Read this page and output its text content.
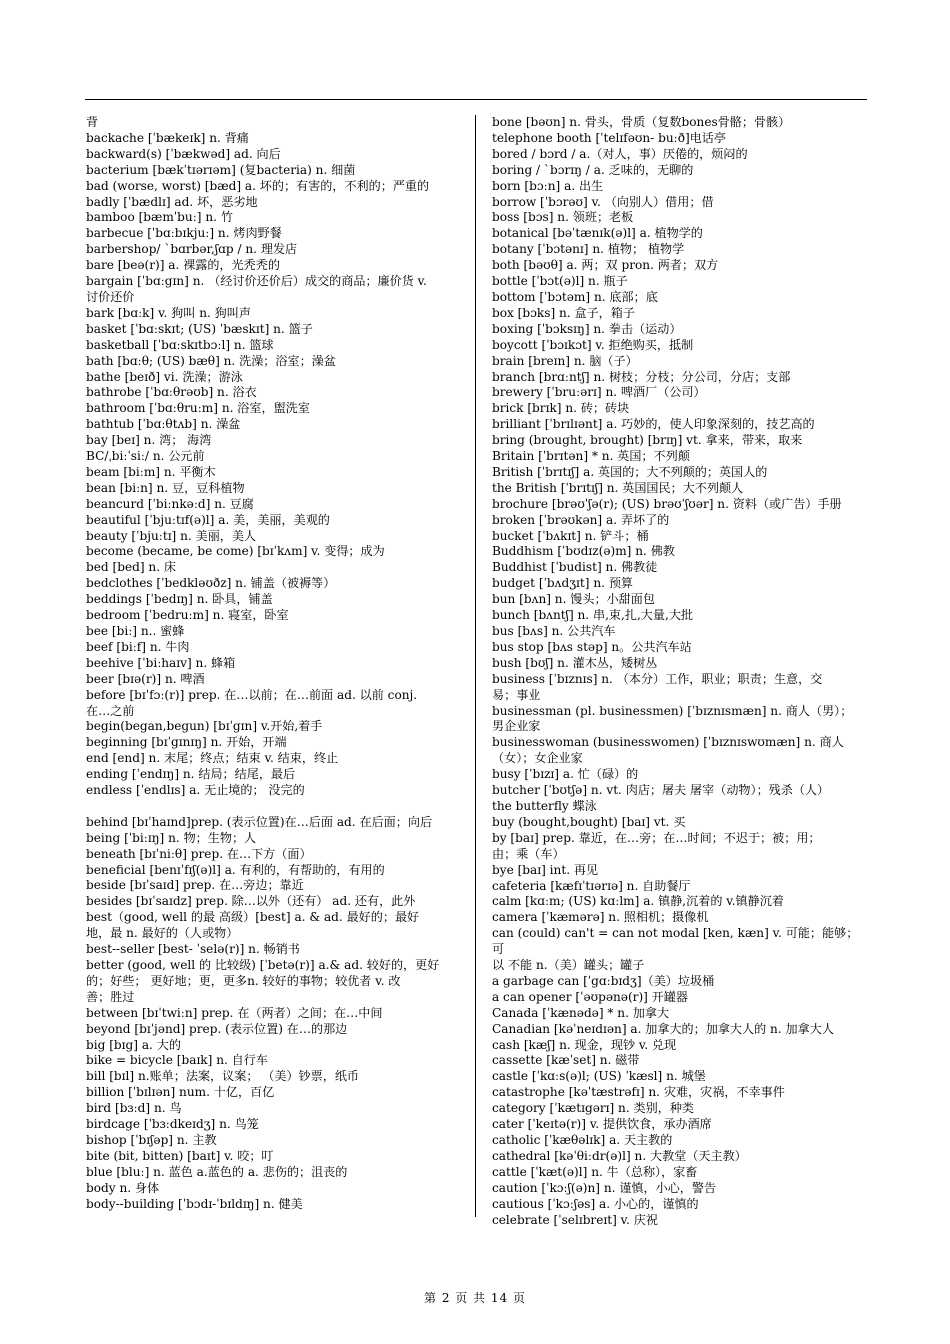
背
backache [ˈbækeɪk] n. 背痛
backward(s) [ˈbækwəd] ad. 向后
bacterium [bækˈtɪərɪəm] (复bacteria) n. 细菌
bad (worse, worst) [bæd] a. 坏的；有害的，不利的；严重的
badly [ˈbædlɪ] ad. 坏，恶劣地
bamboo [bæmˈbuː] n. 竹
barbecue [ˈbɑːbɪkjuː] n. 烤肉野餐
barbershop/ `bɑrbər,ʃɑp / n. 理发店
bare [beə(r)] a. 裸露的，光秃秃的
bargain [ˈbɑːgɪn] n. （经讨价还价后）成交的商品；廉价货 v.
讨价还价
bark [bɑːk] v. 狗叫 n. 狗叫声
basket [ˈbɑːskɪt; (US) ˈbæskɪt] n. 篮子
basketball [ˈbɑːskɪtbɔːl] n. 篮球
bath [bɑːθ; (US) bæθ] n. 洗澡；浴室；澡盆
bathe [beɪð] vi. 洗澡；游泳
bathrobe [ˈbɑːθrəʊb] n. 浴衣
bathroom [ˈbɑːθruːm] n. 浴室，盥洗室
bathtub [ˈbɑːθtʌb] n. 澡盆
bay [beɪ] n. 湾； 海湾
BC/ˌbiːˈsiː/ n. 公元前
beam [biːm] n. 平衡木
bean [biːn] n. 豆，豆科植物
beancurd [ˈbiːnkəːd] n. 豆腐
beautiful [ˈbjuːtɪf(ə)l] a. 美，美丽，美观的
beauty [ˈbjuːtɪ] n. 美丽，美人
become (became, be come) [bɪˈkʌm] v. 变得；成为
bed [bed] n. 床
bedclothes [ˈbedkləʊðz] n. 铺盖（被褥等）
beddings [ˈbedɪŋ] n. 卧具，铺盖
bedroom [ˈbedruːm] n. 寝室，卧室
bee [biː] n.. 蜜蜂
beef [biːf] n. 牛肉
beehive [ˈbiːhaɪv] n. 蜂箱
beer [bɪə(r)] n. 啤酒
before [bɪˈfɔː(r)] prep. 在…以前；在…前面 ad. 以前 conj.
在…之前
begin(began,begun) [bɪˈgɪn] v.开始,着手
beginning [bɪˈgɪnɪŋ] n. 开始，开端
end [end] n. 末尾；终点；结束 v. 结束，终止
ending [ˈendɪŋ] n. 结局；结尾，最后
endless [ˈendlɪs] a. 无止境的； 没完的
behind [bɪˈhaɪnd]prep. (表示位置)在…后面 ad. 在后面；向后
being [ˈbiːɪŋ] n. 物；生物；人
beneath [bɪˈniːθ] prep. 在…下方（面）
beneficial [benɪˈfɪʃ(ə)l] a. 有利的，有帮助的，有用的
beside [bɪˈsaɪd] prep. 在…旁边；靠近
besides [bɪˈsaɪdz] prep. 除…以外（还有） ad. 还有，此外
best（good, well 的最 高级）[best] a. & ad. 最好的；最好
地，最 n. 最好的（人或物）
best--seller [best- ˈselə(r)] n. 畅销书
better (good, well 的 比较级) [ˈbetə(r)] a.& ad. 较好的，更好
的；好些； 更好地；更，更多n. 较好的事物；较优者 v. 改
善；胜过
between [bɪˈtwiːn] prep. 在（两者）之间；在…中间
beyond [bɪˈjənd] prep. (表示位置) 在…的那边
big [bɪg] a. 大的
bike = bicycle [baɪk] n. 自行车
bill [bɪl] n.账单；法案，议案； （美）钞票，纸币
billion [ˈbɪlɪən] num. 十亿，百亿
bird [bɜːd] n. 鸟
birdcage [ˈbɜːdkeɪdʒ] n. 鸟笼
bishop [ˈbɪʃəp] n. 主教
bite (bit, bitten) [baɪt] v. 咬；叮
blue [bluː] n. 蓝色 a.蓝色的 a. 悲伤的；沮丧的
body n. 身体
body--building [ˈbɔdɪ-ˈbɪldɪŋ] n. 健美
bone [bəʊn] n. 骨头，骨质（复数bones骨骼；骨骸）
telephone booth [ˈtelɪfəʊn- buːð]电话亭
bored / bɔrd / a.（对人，事）厌倦的，烦闷的
boring / `bɔrɪŋ / a. 乏味的，无聊的
born [bɔːn] a. 出生
borrow [ˈbɔrəʊ] v. （向别人）借用；借
boss [bɔs] n. 领班；老板
botanical [bəˈtænɪk(ə)l] a. 植物学的
botany [ˈbɔtənɪ] n. 植物； 植物学
both [bəʊθ] a. 两；双 pron. 两者；双方
bottle [ˈbɔt(ə)l] n. 瓶子
bottom [ˈbɔtəm] n. 底部；底
box [bɔks] n. 盒子，箱子
boxing [ˈbɔksɪŋ] n. 拳击（运动）
boycott [ˈbɔɪkɔt] v. 拒绝购买，抵制
brain [breɪn] n. 脑（子）
branch [brɑːntʃ] n. 树枝；分枝；分公司，分店；支部
brewery [ˈbruːərɪ] n. 啤酒厂（公司）
brick [brɪk] n. 砖；砖块
brilliant [ˈbrɪlɪənt] a. 巧妙的，使人印象深刻的，技艺高的
bring (brought, brought) [brɪŋ] vt. 拿来，带来，取来
Britain [ˈbrɪtən] * n. 英国；不列颠
British [ˈbrɪtɪʃ] a. 英国的；大不列颠的；英国人的
the British [ˈbrɪtɪʃ] n. 英国国民；大不列颠人
brochure [brəʊˈʃə(r); (US) brəʊˈʃʊər] n. 资料（或广告）手册
broken [ˈbrəʊkən] a. 弄坏了的
bucket [ˈbʌkɪt] n. 铲斗；桶
Buddhism [ˈbʊdɪz(ə)m] n. 佛教
Buddhist [ˈbudist] n. 佛教徒
budget [ˈbʌdʒɪt] n. 预算
bun [bʌn] n. 馒头；小甜面包
bunch [bʌntʃ] n. 串,束,扎,大量,大批
bus [bʌs] n. 公共汽车
bus stop [bʌs stəp] n。公共汽车站
bush [bʊʃ] n. 灌木丛，矮树丛
business [ˈbɪznɪs] n. （本分）工作，职业；职责；生意，交
易；事业
businessman (pl. businessmen) [ˈbɪznɪsmæn] n. 商人（男）；
男企业家
businesswoman (businesswomen) [ˈbɪznɪswʊmæn] n. 商人
（女）；女企业家
busy [ˈbɪzɪ] a. 忙（碌）的
butcher [ˈbʊtʃə] n. vt. 肉店；屠夫 屠宰（动物）；残杀（人）
the butterfly 蝶泳
buy (bought,bought) [baɪ] vt. 买
by [baɪ] prep. 靠近，在…旁；在…时间；不迟于；被；用；
由；乘（车）
bye [baɪ] int. 再见
cafeteria [kæfɪˈtɪərɪə] n. 自助餐厅
calm [kɑːm; (US) kɑːlm] a. 镇静,沉着的 v.镇静沉着
camera [ˈkæmərə] n. 照相机；摄像机
can (could) can't = can not modal [ken, kæn] v. 可能；能够；可
以 不能 n.（美）罐头；罐子
a garbage can [ˈgɑːbɪdʒ]（美）垃圾桶
a can opener [ˈəʊpənə(r)] 开罐器
Canada [ˈkænədə] * n. 加拿大
Canadian [kəˈneɪdɪən] a. 加拿大的；加拿大人的 n. 加拿大人
cash [kæʃ] n. 现金，现钞 v. 兑现
cassette [kæˈset] n. 磁带
castle [ˈkɑːs(ə)l; (US) ˈkæsl] n. 城堡
catastrophe [kəˈtæstrəfɪ] n. 灾难，灾祸，不幸事件
category [ˈkætɪgərɪ] n. 类别，种类
cater [ˈkeɪtə(r)] v. 提供饮食，承办酒席
catholic [ˈkæθəlɪk] a. 天主教的
cathedral [kəˈθiːdr(ə)l] n. 大教堂（天主教）
cattle [ˈkæt(ə)l] n. 牛（总称），家畜
caution [ˈkɔːʃ(ə)n] n. 谨慎，小心，警告
cautious [ˈkɔːʃəs] a. 小心的，谨慎的
celebrate [ˈselɪbreɪt] v. 庆祝
第 2 页 共 14 页
